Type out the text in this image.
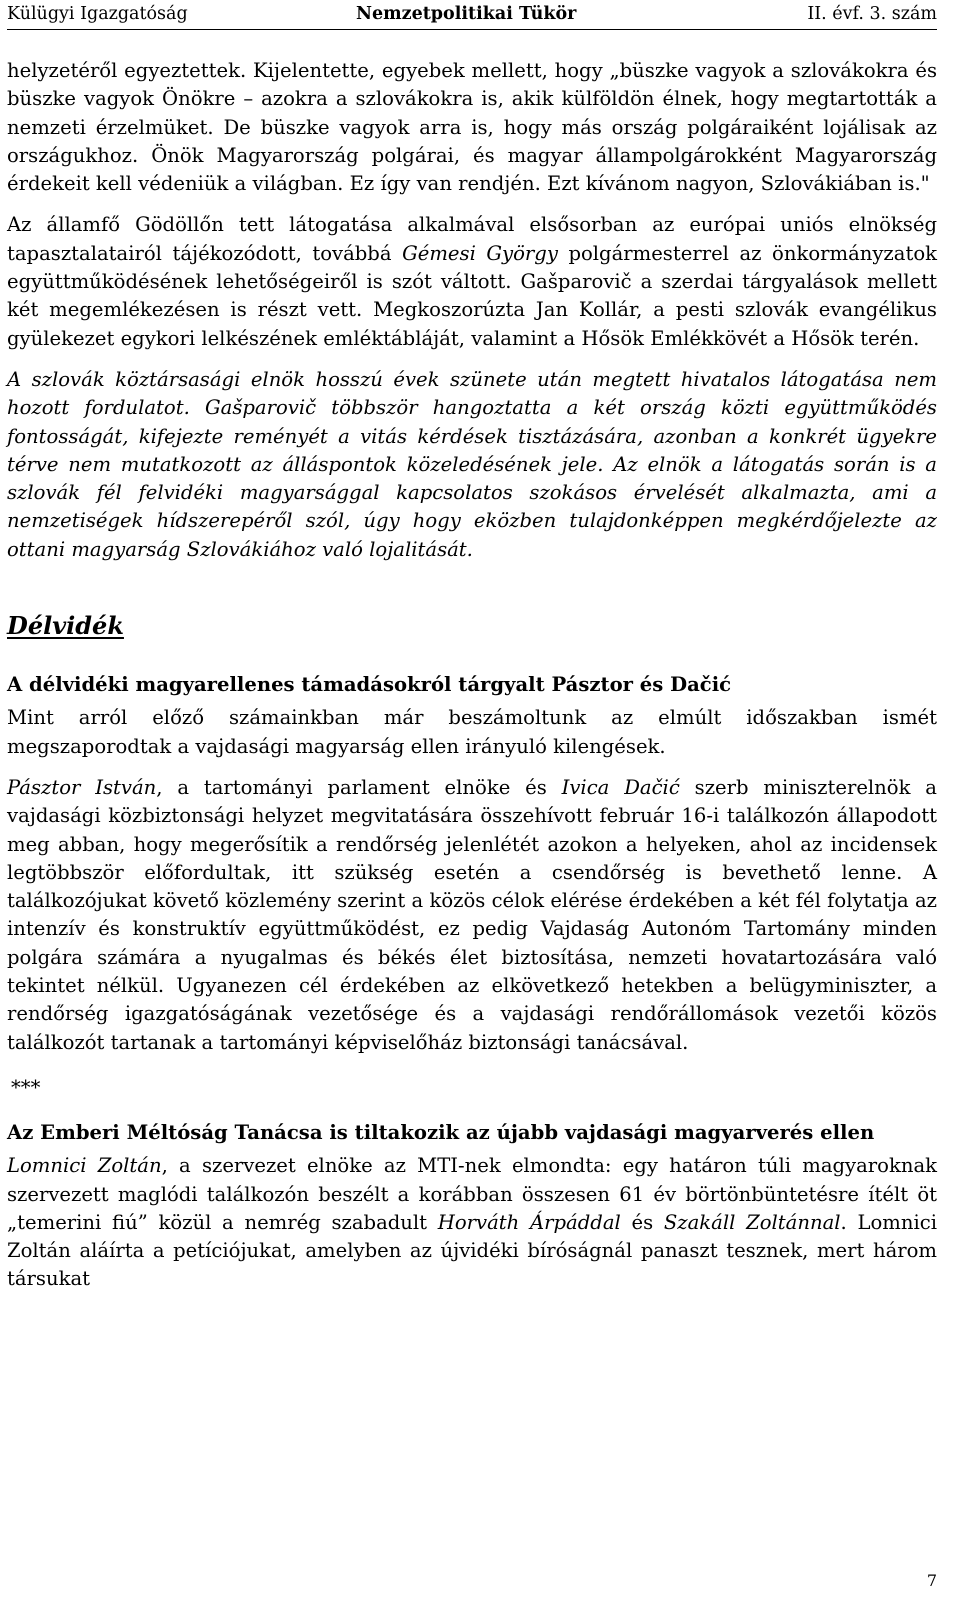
Külügyi Igazgatóság	Nemzetpolitikai Tükör	II. évf. 3. szám

helyzetéről egyeztettek. Kijelentette, egyebek mellett, hogy „büszke vagyok a szlovákokra és büszke vagyok Önökre – azokra a szlovákokra is, akik külföldön élnek, hogy megtartották a nemzeti érzelmüket. De büszke vagyok arra is, hogy más ország polgáraiként lojálisak az országukhoz. Önök Magyarország polgárai, és magyar állampolgárokként Magyarország érdekeit kell védeniük a világban. Ez így van rendjén. Ezt kívánom nagyon, Szlovákiában is."

Az államfő Gödöllőn tett látogatása alkalmával elsősorban az európai uniós elnökség tapasztalatairól tájékozódott, továbbá Gémesi György polgármesterrel az önkormányzatok együttműködésének lehetőségeiről is szót váltott. Gašparovič a szerdai tárgyalások mellett két megemlékezésen is részt vett. Megkoszorúzta Jan Kollár, a pesti szlovák evangélikus gyülekezet egykori lelkészének emléktábláját, valamint a Hősök Emlékkövét a Hősök terén.

A szlovák köztársasági elnök hosszú évek szünete után megtett hivatalos látogatása nem hozott fordulatot. Gašparovič többször hangoztatta a két ország közti együttműködés fontosságát, kifejezte reményét a vitás kérdések tisztázására, azonban a konkrét ügyekre térve nem mutatkozott az álláspontok közeledésének jele. Az elnök a látogatás során is a szlovák fél felvidéki magyarsággal kapcsolatos szokásos érvelését alkalmazta, ami a nemzetiségek hídszerepéről szól, úgy hogy eközben tulajdonképpen megkérdőjelezte az ottani magyarság Szlovákiához való lojalitását.

Délvidék
A délvidéki magyarellenes támadásokról tárgyalt Pásztor és Dačić

Mint arról előző számainkban már beszámoltunk az elmúlt időszakban ismét megszaporodtak a vajdasági magyarság ellen irányuló kilengések.

Pásztor István, a tartományi parlament elnöke és Ivica Dačić szerb miniszterelnök a vajdasági közbiztonsági helyzet megvitatására összehívott február 16-i találkozón állapodott meg abban, hogy megerősítik a rendőrség jelenlétét azokon a helyeken, ahol az incidensek legtöbbször előfordultak, itt szükség esetén a csendőrség is bevethető lenne. A találkozójukat követő közlemény szerint a közös célok elérése érdekében a két fél folytatja az intenzív és konstruktív együttműködést, ez pedig Vajdaság Autonóm Tartomány minden polgára számára a nyugalmas és békés élet biztosítása, nemzeti hovatartozására való tekintet nélkül. Ugyanezen cél érdekében az elkövetkező hetekben a belügyminiszter, a rendőrség igazgatóságának vezetősége és a vajdasági rendőrállomások vezetői közös találkozót tartanak a tartományi képviselőház biztonsági tanácsával.

***

Az Emberi Méltóság Tanácsa is tiltakozik az újabb vajdasági magyarverés ellen

Lomnici Zoltán, a szervezet elnöke az MTI-nek elmondta: egy határon túli magyaroknak szervezett maglódi találkozón beszélt a korábban összesen 61 év börtönbüntetésre ítélt öt „temerini fiú” közül a nemrég szabadult Horváth Árpáddal és Szakáll Zoltánnal. Lomnici Zoltán aláírta a petíciójukat, amelyben az újvidéki bíróságnál panaszt tesznek, mert három társukat

7
